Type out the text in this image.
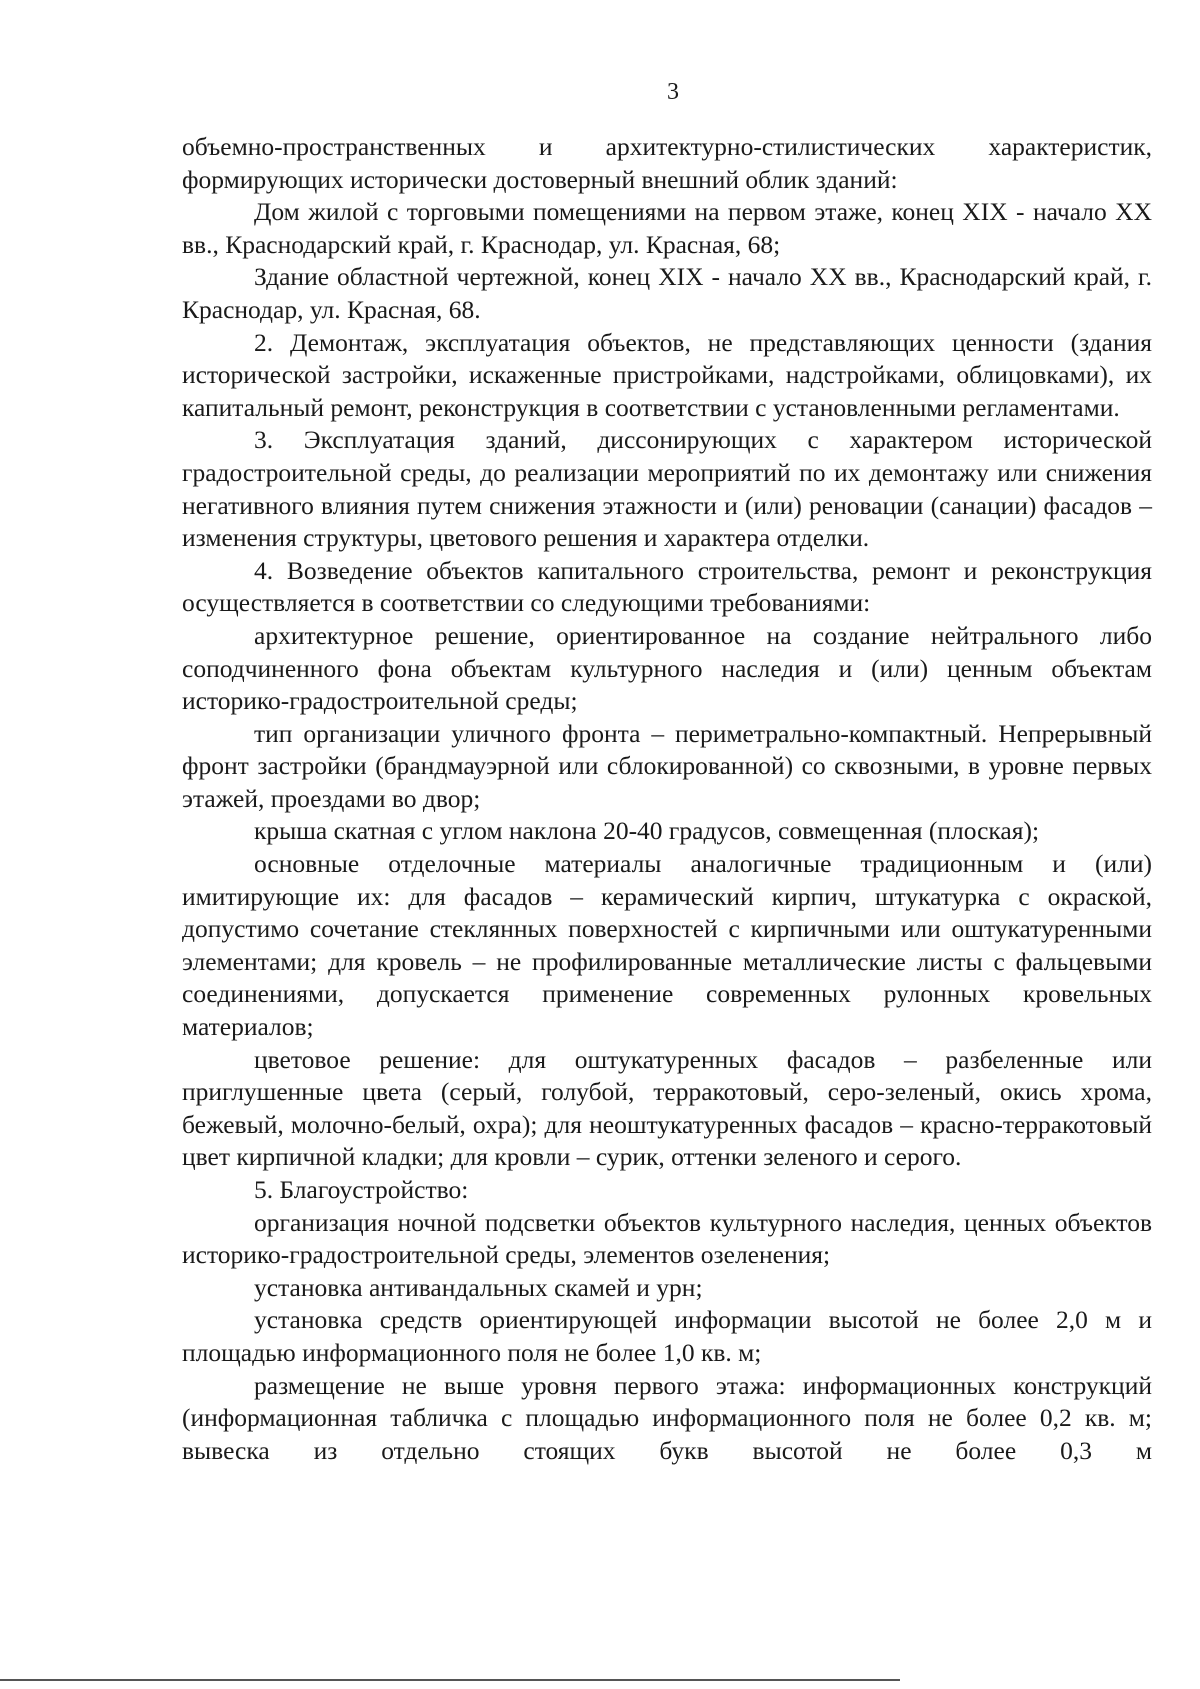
3

объемно-пространственных и архитектурно-стилистических характеристик, формирующих исторически достоверный внешний облик зданий:

Дом жилой с торговыми помещениями на первом этаже, конец XIX - начало XX вв., Краснодарский край, г. Краснодар, ул. Красная, 68;

Здание областной чертежной, конец XIX - начало XX вв., Краснодарский край, г. Краснодар, ул. Красная, 68.

2. Демонтаж, эксплуатация объектов, не представляющих ценности (здания исторической застройки, искаженные пристройками, надстройками, облицовками), их капитальный ремонт, реконструкция в соответствии с установленными регламентами.

3. Эксплуатация зданий, диссонирующих с характером исторической градостроительной среды, до реализации мероприятий по их демонтажу или снижения негативного влияния путем снижения этажности и (или) реновации (санации) фасадов – изменения структуры, цветового решения и характера отделки.

4. Возведение объектов капитального строительства, ремонт и реконструкция осуществляется в соответствии со следующими требованиями:

архитектурное решение, ориентированное на создание нейтрального либо соподчиненного фона объектам культурного наследия и (или) ценным объектам историко-градостроительной среды;

тип организации уличного фронта – периметрально-компактный. Непрерывный фронт застройки (брандмауэрной или сблокированной) со сквозными, в уровне первых этажей, проездами во двор;

крыша скатная с углом наклона 20-40 градусов, совмещенная (плоская);

основные отделочные материалы аналогичные традиционным и (или) имитирующие их: для фасадов – керамический кирпич, штукатурка с окраской, допустимо сочетание стеклянных поверхностей с кирпичными или оштукатуренными элементами; для кровель – не профилированные металлические листы с фальцевыми соединениями, допускается применение современных рулонных кровельных материалов;

цветовое решение: для оштукатуренных фасадов – разбеленные или приглушенные цвета (серый, голубой, терракотовый, серо-зеленый, окись хрома, бежевый, молочно-белый, охра); для неоштукатуренных фасадов – красно-терракотовый цвет кирпичной кладки; для кровли – сурик, оттенки зеленого и серого.

5. Благоустройство:

организация ночной подсветки объектов культурного наследия, ценных объектов историко-градостроительной среды, элементов озеленения;

установка антивандальных скамей и урн;

установка средств ориентирующей информации высотой не более 2,0 м и площадью информационного поля не более 1,0 кв. м;

размещение не выше уровня первого этажа: информационных конструкций (информационная табличка с площадью информационного поля не более 0,2 кв. м; вывеска из отдельно стоящих букв высотой не более 0,3 м
